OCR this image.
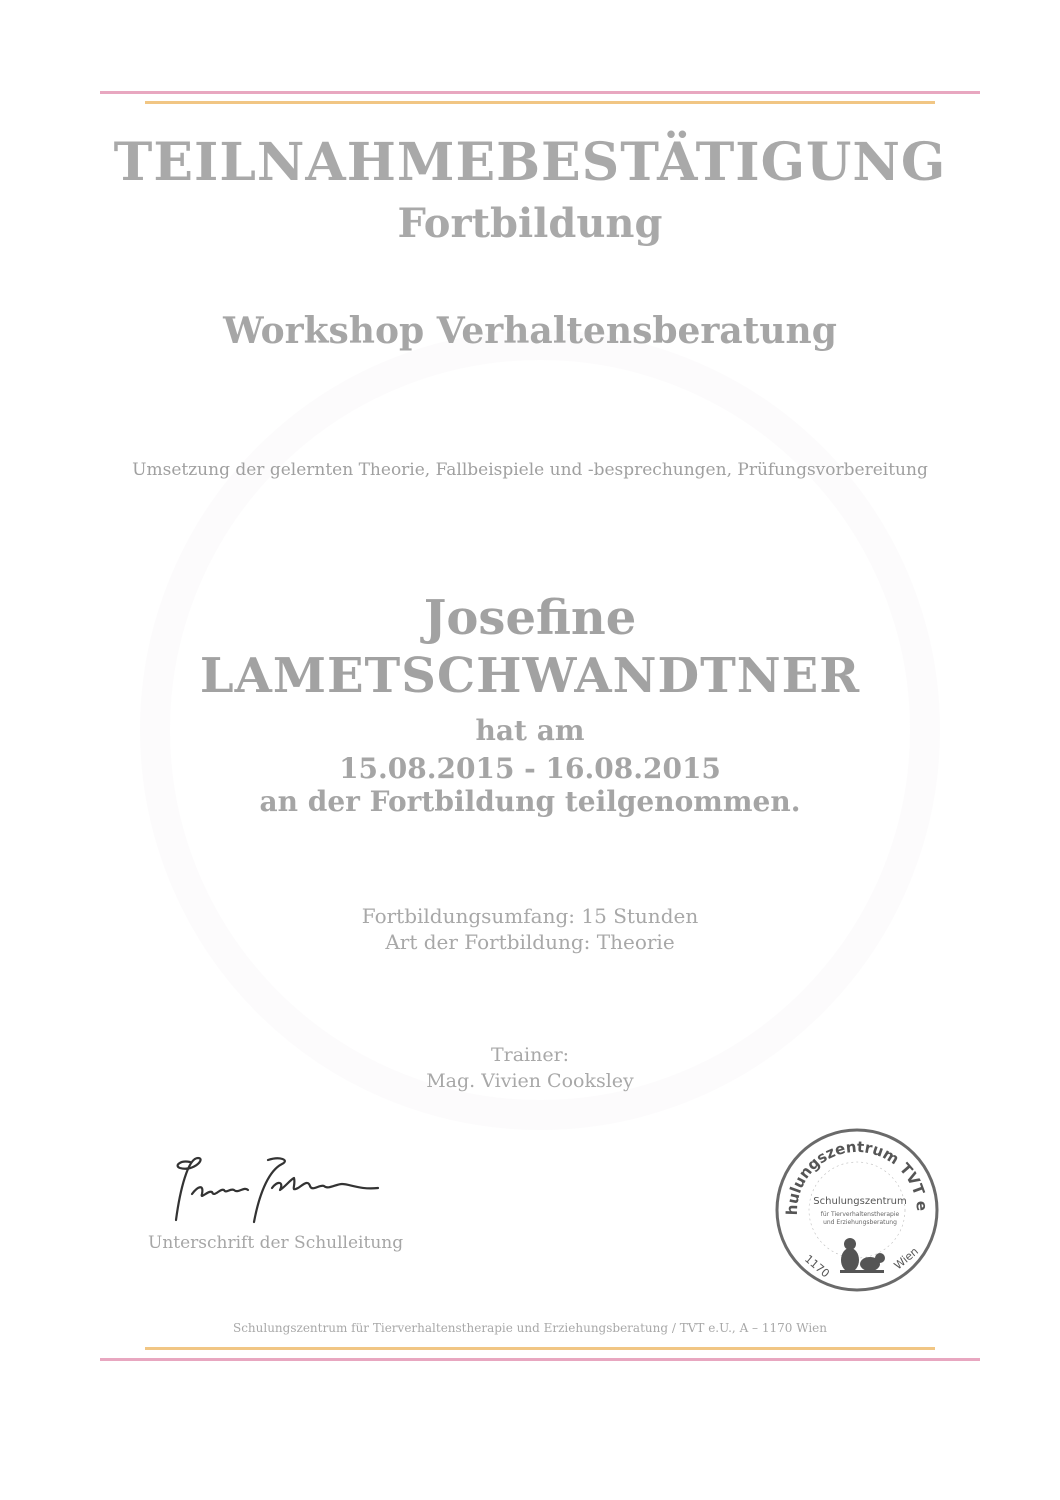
TEILNAHMEBESTÄTIGUNG
Fortbildung
Workshop Verhaltensberatung
Umsetzung der gelernten Theorie, Fallbeispiele und -besprechungen, Prüfungsvorbereitung
Josefine
LAMETSCHWANDTNER
hat am
15.08.2015 - 16.08.2015
an der Fortbildung teilgenommen.
Fortbildungsumfang: 15 Stunden
Art der Fortbildung: Theorie
Trainer:
Mag. Vivien Cooksley
Unterschrift der Schulleitung
hulungszentrum TVT e
Schulungszentrum
für Tierverhaltenstherapie
und Erziehungsberatung
1170	Wien
Schulungszentrum für Tierverhaltenstherapie und Erziehungsberatung / TVT e.U., A – 1170 Wien
